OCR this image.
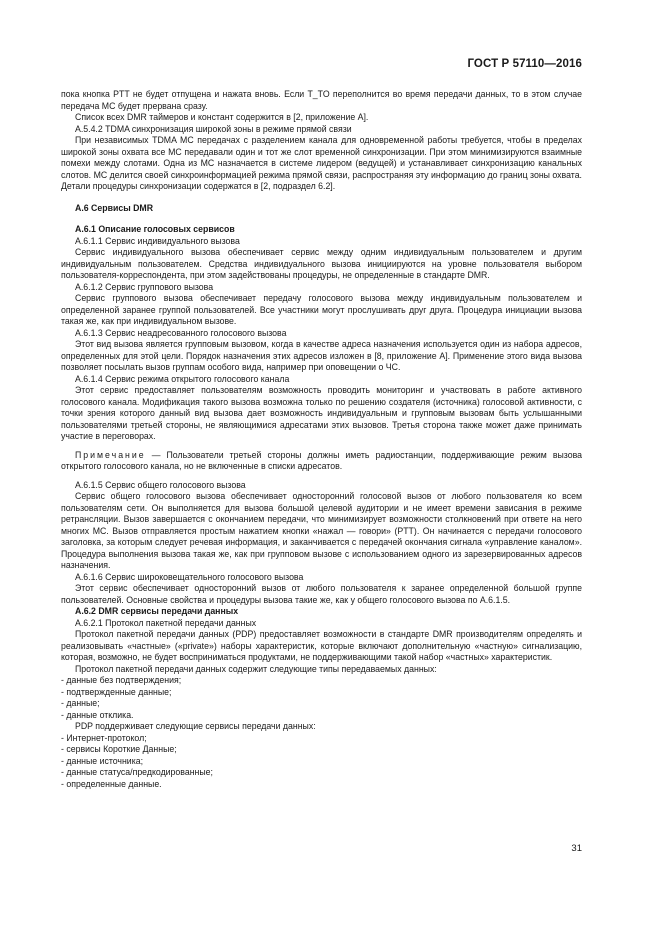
ГОСТ Р 57110—2016

пока кнопка PTT не будет отпущена и нажата вновь. Если T_TO переполнится во время передачи данных, то в этом случае передача МС будет прервана сразу.

Список всех DMR таймеров и констант содержится в [2, приложение А].

А.5.4.2 TDMA синхронизация широкой зоны в режиме прямой связи

При независимых TDMA МС передачах с разделением канала для одновременной работы требуется, чтобы в пределах широкой зоны охвата все МС передавали один и тот же слот временной синхронизации. При этом минимизируются взаимные помехи между слотами. Одна из МС назначается в системе лидером (ведущей) и устанавливает синхронизацию канальных слотов. МС делится своей синхроинформацией режима прямой связи, распространяя эту информацию до границ зоны охвата. Детали процедуры синхронизации содержатся в [2, подраздел 6.2].

А.6 Сервисы DMR

А.6.1 Описание голосовых сервисов

А.6.1.1 Сервис индивидуального вызова

Сервис индивидуального вызова обеспечивает сервис между одним индивидуальным пользователем и другим индивидуальным пользователем. Средства индивидуального вызова инициируются на уровне пользователя выбором пользователя-корреспондента, при этом задействованы процедуры, не определенные в стандарте DMR.

А.6.1.2 Сервис группового вызова

Сервис группового вызова обеспечивает передачу голосового вызова между индивидуальным пользователем и определенной заранее группой пользователей. Все участники могут прослушивать друг друга. Процедура инициации вызова такая же, как при индивидуальном вызове.

А.6.1.3 Сервис неадресованного голосового вызова

Этот вид вызова является групповым вызовом, когда в качестве адреса назначения используется один из набора адресов, определенных для этой цели. Порядок назначения этих адресов изложен в [8, приложение А]. Применение этого вида вызова позволяет посылать вызов группам особого вида, например при оповещении о ЧС.

А.6.1.4 Сервис режима открытого голосового канала

Этот сервис предоставляет пользователям возможность проводить мониторинг и участвовать в работе активного голосового канала. Модификация такого вызова возможна только по решению создателя (источника) голосовой активности, с точки зрения которого данный вид вызова дает возможность индивидуальным и групповым вызовам быть услышанными пользователями третьей стороны, не являющимися адресатами этих вызовов. Третья сторона также может даже принимать участие в переговорах.

Примечание — Пользователи третьей стороны должны иметь радиостанции, поддерживающие режим вызова открытого голосового канала, но не включенные в списки адресатов.

А.6.1.5 Сервис общего голосового вызова

Сервис общего голосового вызова обеспечивает односторонний голосовой вызов от любого пользователя ко всем пользователям сети. Он выполняется для вызова большой целевой аудитории и не имеет времени зависания в режиме ретрансляции. Вызов завершается с окончанием передачи, что минимизирует возможности столкновений при ответе на него многих МС. Вызов отправляется простым нажатием кнопки «нажал — говори» (PTT). Он начинается с передачи голосового заголовка, за которым следует речевая информация, и заканчивается с передачей окончания сигнала «управление каналом». Процедура выполнения вызова такая же, как при групповом вызове с использованием одного из зарезервированных адресов назначения.

А.6.1.6 Сервис широковещательного голосового вызова

Этот сервис обеспечивает односторонний вызов от любого пользователя к заранее определенной большой группе пользователей. Основные свойства и процедуры вызова такие же, как у общего голосового вызова по А.6.1.5.

А.6.2 DMR сервисы передачи данных

А.6.2.1 Протокол пакетной передачи данных

Протокол пакетной передачи данных (PDP) предоставляет возможности в стандарте DMR производителям определять и реализовывать «частные» («private») наборы характеристик, которые включают дополнительную «частную» сигнализацию, которая, возможно, не будет восприниматься продуктами, не поддерживающими такой набор «частных» характеристик.

Протокол пакетной передачи данных содержит следующие типы передаваемых данных:

- данные без подтверждения;

- подтвержденные данные;

- данные;

- данные отклика.

PDP поддерживает следующие сервисы передачи данных:

- Интернет-протокол;

- сервисы Короткие Данные;

- данные источника;

- данные статуса/предкодированные;

- определенные данные.

31
